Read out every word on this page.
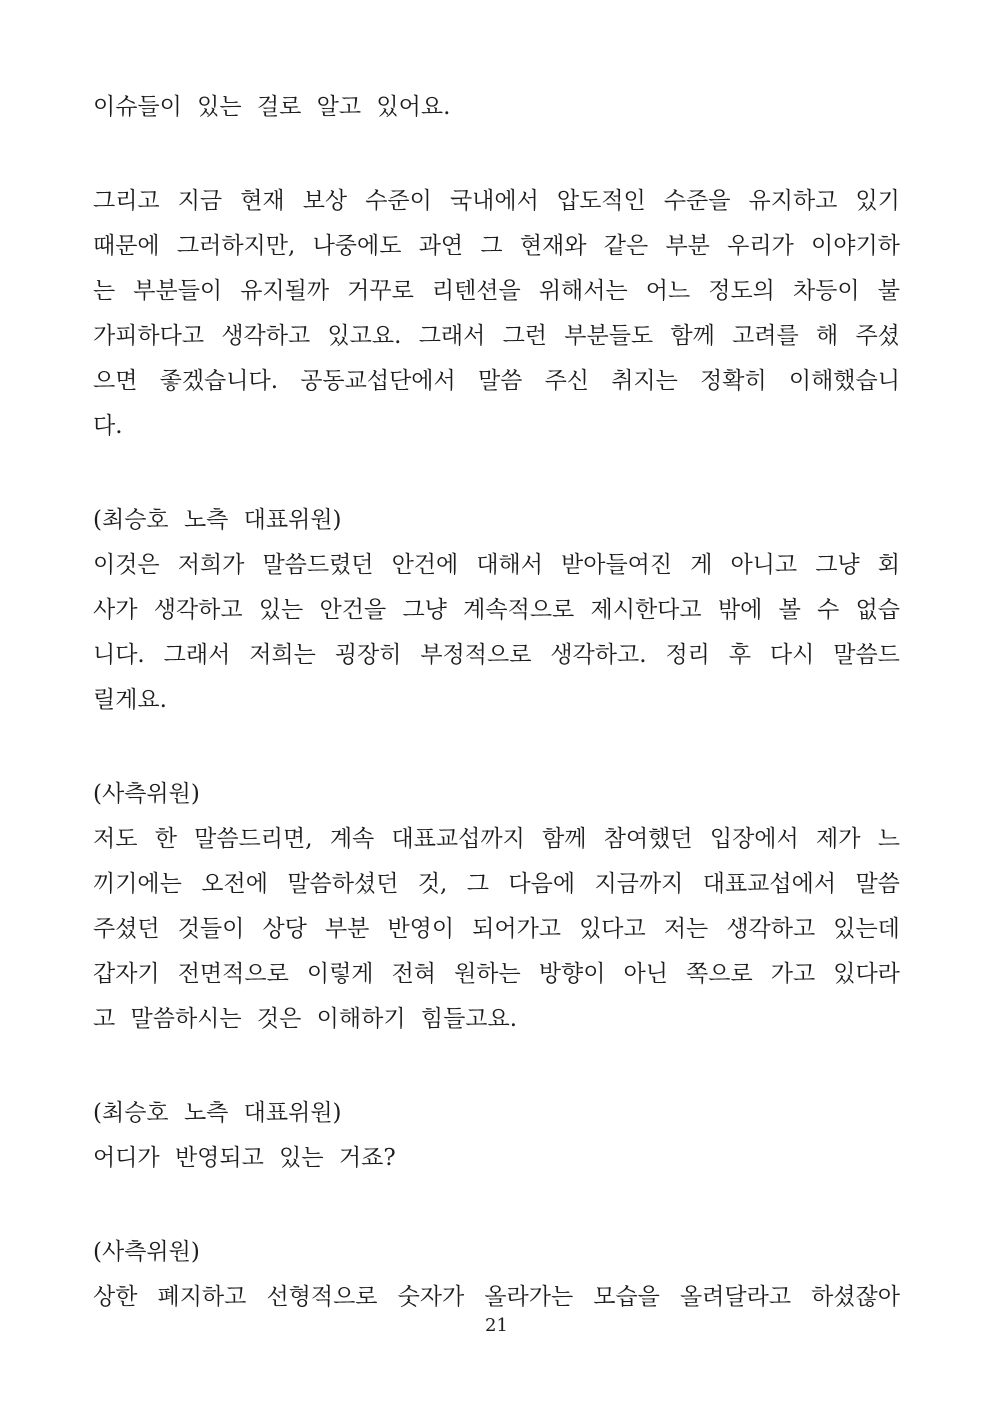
이슈들이 있는 걸로 알고 있어요.
그리고 지금 현재 보상 수준이 국내에서 압도적인 수준을 유지하고 있기
때문에 그러하지만, 나중에도 과연 그 현재와 같은 부분 우리가 이야기하
는 부분들이 유지될까 거꾸로 리텐션을 위해서는 어느 정도의 차등이 불
가피하다고 생각하고 있고요. 그래서 그런 부분들도 함께 고려를 해 주셨
으면 좋겠습니다. 공동교섭단에서 말씀 주신 취지는 정확히 이해했습니
다.
(최승호 노측 대표위원)
이것은 저희가 말씀드렸던 안건에 대해서 받아들여진 게 아니고 그냥 회
사가 생각하고 있는 안건을 그냥 계속적으로 제시한다고 밖에 볼 수 없습
니다. 그래서 저희는 굉장히 부정적으로 생각하고. 정리 후 다시 말씀드
릴게요.
(사측위원)
저도 한 말씀드리면, 계속 대표교섭까지 함께 참여했던 입장에서 제가 느
끼기에는 오전에 말씀하셨던 것, 그 다음에 지금까지 대표교섭에서 말씀
주셨던 것들이 상당 부분 반영이 되어가고 있다고 저는 생각하고 있는데
갑자기 전면적으로 이렇게 전혀 원하는 방향이 아닌 쪽으로 가고 있다라
고 말씀하시는 것은 이해하기 힘들고요.
(최승호 노측 대표위원)
어디가 반영되고 있는 거죠?
(사측위원)
상한 폐지하고 선형적으로 숫자가 올라가는 모습을 올려달라고 하셨잖아
21
